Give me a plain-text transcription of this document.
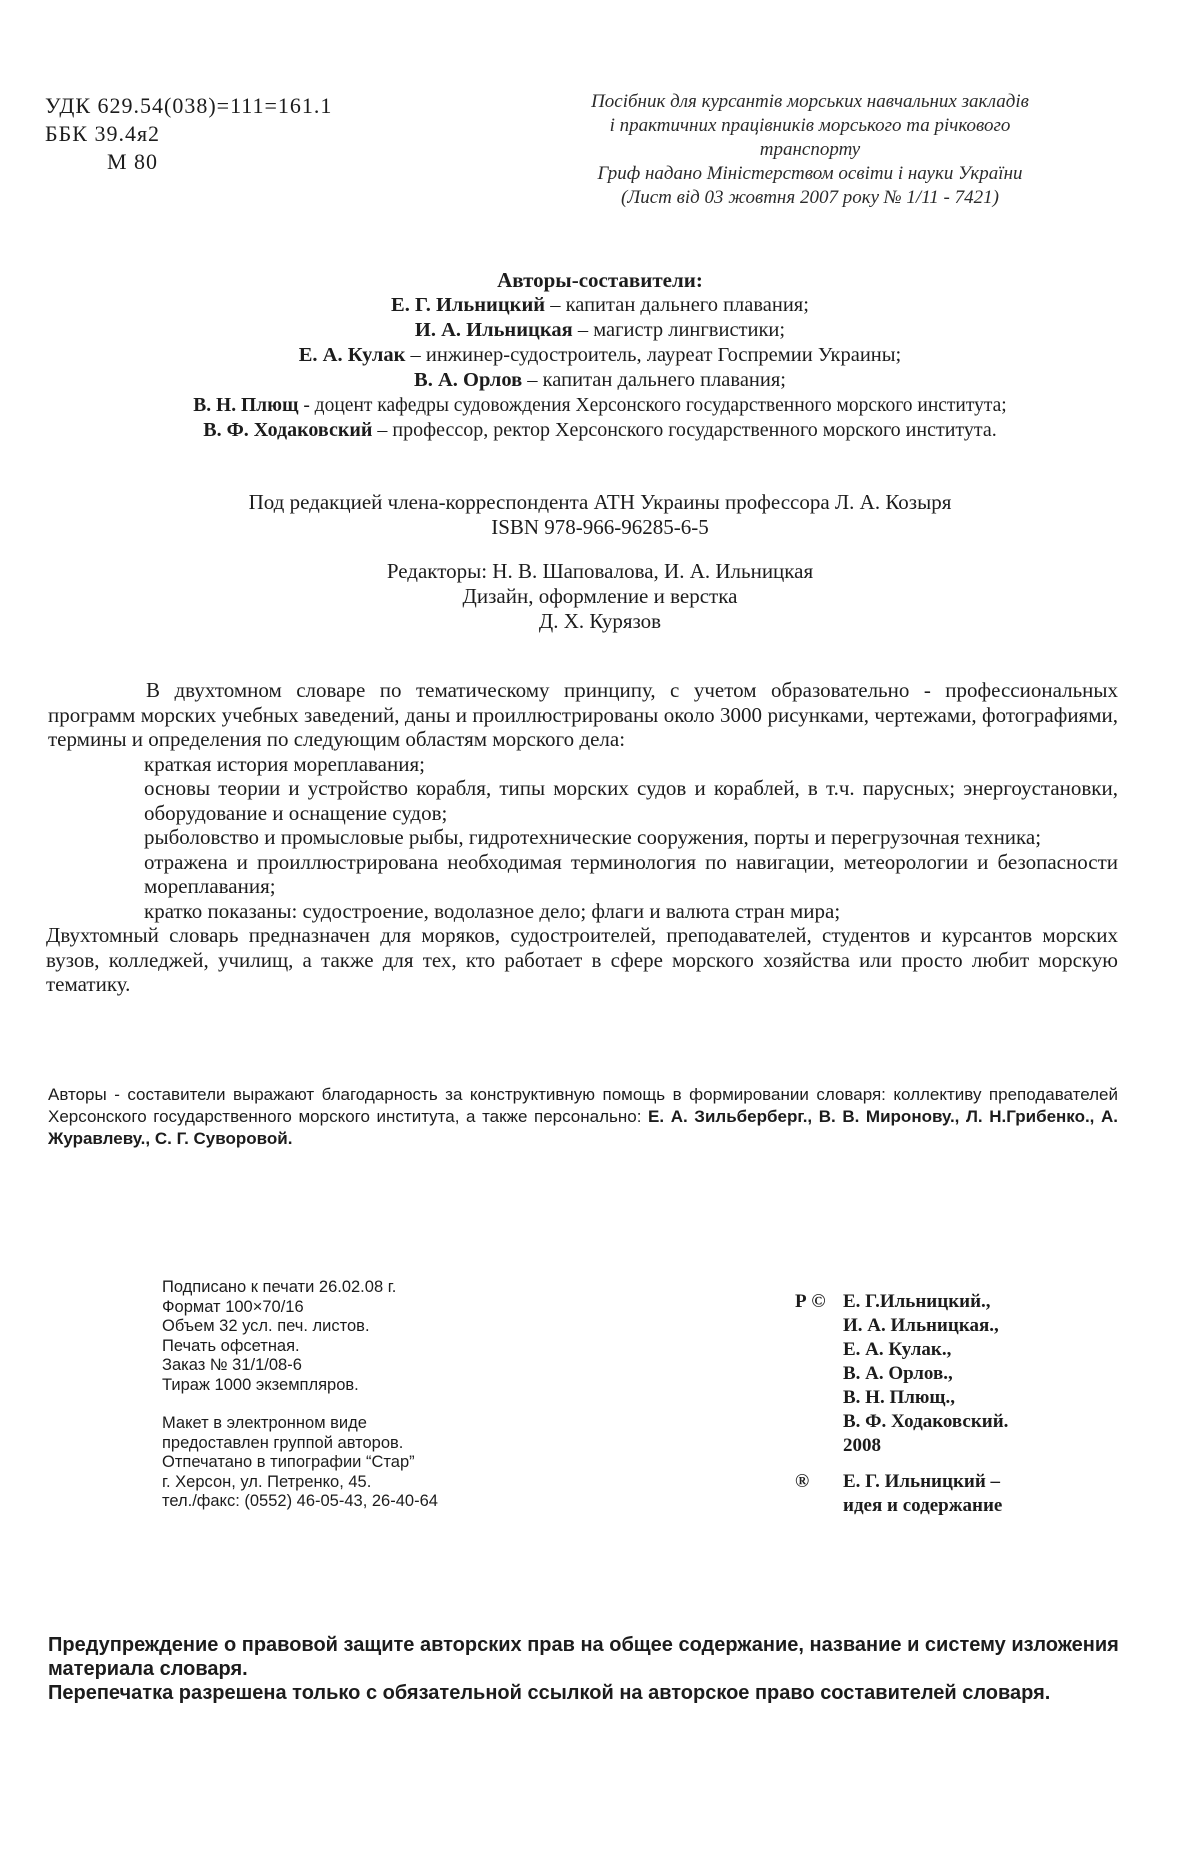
УДК 629.54(038)=111=161.1
ББК 39.4я2
М 80
Посібник для курсантів морських навчальних закладів
і практичних працівників морського та річкового
транспорту
Гриф надано Міністерством освіти і науки України
(Лист від 03 жовтня 2007 року № 1/11 - 7421)
Авторы-составители:
Е. Г. Ильницкий – капитан дальнего плавания;
И. А. Ильницкая – магистр лингвистики;
Е. А. Кулак – инжинер-судостроитель, лауреат Госпремии Украины;
В. А. Орлов – капитан дальнего плавания;
В. Н. Плющ - доцент кафедры судовождения Херсонского государственного морского института;
В. Ф. Ходаковский – профессор, ректор Херсонского государственного морского института.
Под редакцией члена-корреспондента АТН Украины профессора Л. А. Козыря
ISBN 978-966-96285-6-5
Редакторы: Н. В. Шаповалова, И. А. Ильницкая
Дизайн, оформление и верстка
Д. Х. Курязов
В двухтомном словаре по тематическому принципу, с учетом образовательно - профессиональных программ морских учебных заведений, даны и проиллюстрированы около 3000 рисунками, чертежами, фотографиями, термины и определения по следующим областям морского дела:
краткая история мореплавания;
основы теории и устройство корабля, типы морских судов и кораблей, в т.ч. парусных; энергоустановки, оборудование и оснащение судов;
рыболовство и промысловые рыбы, гидротехнические сооружения, порты и перегрузочная техника;
отражена и проиллюстрирована необходимая терминология по навигации, метеорологии и безопасности мореплавания;
кратко показаны: судостроение, водолазное дело; флаги и валюта стран мира;
Двухтомный словарь предназначен для моряков, судостроителей, преподавателей, студентов и курсантов морских вузов, колледжей, училищ, а также для тех, кто работает в сфере морского хозяйства или просто любит морскую тематику.
Авторы - составители выражают благодарность за конструктивную помощь в формировании словаря: коллективу преподавателей Херсонского государственного морского института, а также персонально: Е. А. Зильберберг., В. В. Миронову., Л. Н.Грибенко., А. Журавлеву., С. Г. Суворовой.
Подписано к печати 26.02.08 г.
Формат 100×70/16
Объем 32 усл. печ. листов.
Печать офсетная.
Заказ № 31/1/08-6
Тираж 1000 экземпляров.
Макет в электронном виде
предоставлен группой авторов.
Отпечатано в типографии “Стар”
г. Херсон, ул. Петренко, 45.
тел./факс: (0552) 46-05-43, 26-40-64
Р © Е. Г.Ильницкий.,
И. А. Ильницкая.,
Е. А. Кулак.,
В. А. Орлов.,
В. Н. Плющ.,
В. Ф. Ходаковский.
2008
®	Е. Г. Ильницкий –
идея и содержание
Предупреждение о правовой защите авторских прав на общее содержание, название и систему изложения материала словаря.
Перепечатка разрешена только с обязательной ссылкой на авторское право составителей словаря.
